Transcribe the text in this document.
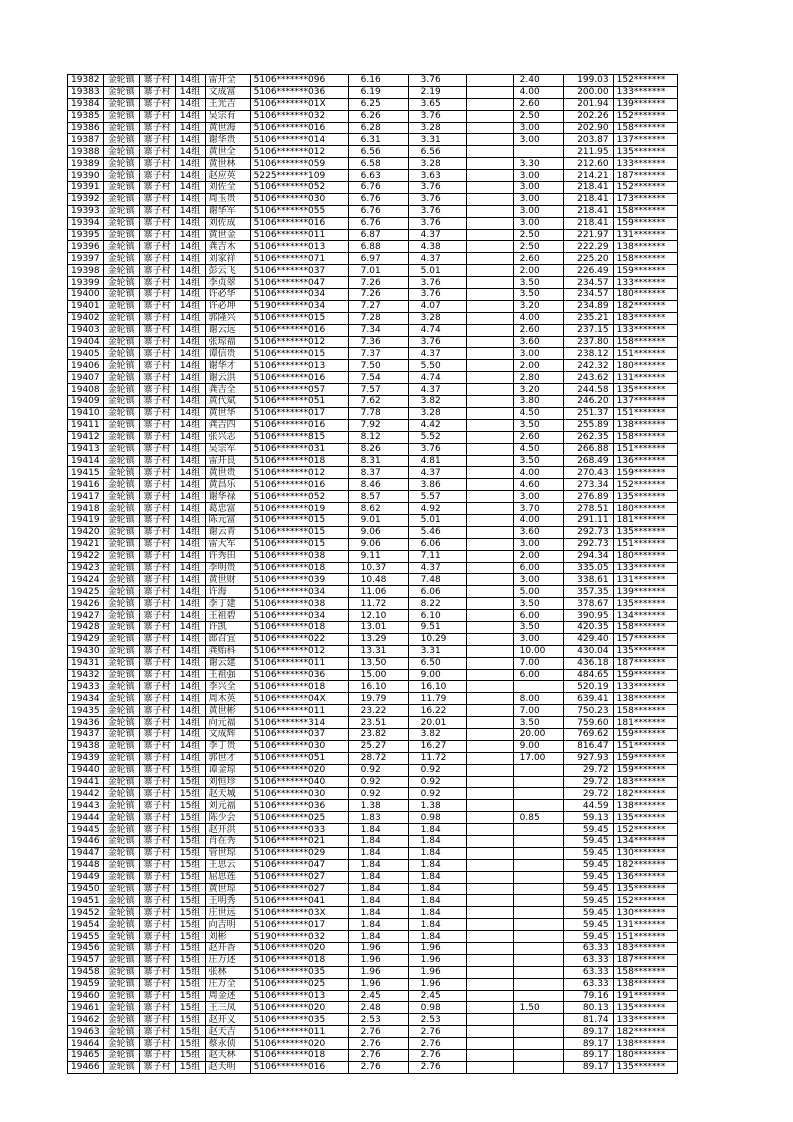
19382	金轮镇	寨子村	14组	雷开全	5106*******096	6.16	3.76		2.40	199.03	152*******
19383	金轮镇	寨子村	14组	文成富	5106*******036	6.19	2.19		4.00	200.00	133*******
19384	金轮镇	寨子村	14组	王光吉	5106*******01X	6.25	3.65		2.60	201.94	139*******
19385	金轮镇	寨子村	14组	吴宗有	5106*******032	6.26	3.76		2.50	202.26	152*******
19386	金轮镇	寨子村	14组	黄世海	5106*******016	6.28	3.28		3.00	202.90	158*******
19387	金轮镇	寨子村	14组	谢华贵	5106*******014	6.31	3.31		3.00	203.87	137*******
19388	金轮镇	寨子村	14组	黄世全	5106*******012	6.56	6.56			211.95	135*******
19389	金轮镇	寨子村	14组	黄世林	5106*******059	6.58	3.28		3.30	212.60	133*******
19390	金轮镇	寨子村	14组	赵应英	5225*******109	6.63	3.63		3.00	214.21	187*******
19391	金轮镇	寨子村	14组	刘佐全	5106*******052	6.76	3.76		3.00	218.41	152*******
19392	金轮镇	寨子村	14组	周玉贵	5106*******030	6.76	3.76		3.00	218.41	173*******
19393	金轮镇	寨子村	14组	谢华军	5106*******055	6.76	3.76		3.00	218.41	158*******
19394	金轮镇	寨子村	14组	刘佐成	5106*******016	6.76	3.76		3.00	218.41	159*******
19395	金轮镇	寨子村	14组	黄世金	5106*******011	6.87	4.37		2.50	221.97	131*******
19396	金轮镇	寨子村	14组	龚吉木	5106*******013	6.88	4.38		2.50	222.29	138*******
19397	金轮镇	寨子村	14组	刘家祥	5106*******071	6.97	4.37		2.60	225.20	158*******
19398	金轮镇	寨子村	14组	彭云飞	5106*******037	7.01	5.01		2.00	226.49	159*******
19399	金轮镇	寨子村	14组	李贞翠	5106*******047	7.26	3.76		3.50	234.57	133*******
19400	金轮镇	寨子村	14组	许必华	5106*******034	7.26	3.76		3.50	234.57	180*******
19401	金轮镇	寨子村	14组	许必坤	5190*******034	7.27	4.07		3.20	234.89	182*******
19402	金轮镇	寨子村	14组	郭隆兴	5106*******015	7.28	3.28		4.00	235.21	183*******
19403	金轮镇	寨子村	14组	谢云远	5106*******016	7.34	4.74		2.60	237.15	133*******
19404	金轮镇	寨子村	14组	张琼福	5106*******012	7.36	3.76		3.60	237.80	158*******
19405	金轮镇	寨子村	14组	谭信贵	5106*******015	7.37	4.37		3.00	238.12	151*******
19406	金轮镇	寨子村	14组	谢华才	5106*******013	7.50	5.50		2.00	242.32	180*******
19407	金轮镇	寨子村	14组	谢云洪	5106*******016	7.54	4.74		2.80	243.62	131*******
19408	金轮镇	寨子村	14组	龚吉全	5106*******057	7.57	4.37		3.20	244.58	135*******
19409	金轮镇	寨子村	14组	黄代斌	5106*******051	7.62	3.82		3.80	246.20	137*******
19410	金轮镇	寨子村	14组	黄世华	5106*******017	7.78	3.28		4.50	251.37	151*******
19411	金轮镇	寨子村	14组	龚吉四	5106*******016	7.92	4.42		3.50	255.89	138*******
19412	金轮镇	寨子村	14组	张兴志	5106*******815	8.12	5.52		2.60	262.35	158*******
19413	金轮镇	寨子村	14组	吴宗军	5106*******031	8.26	3.76		4.50	266.88	151*******
19414	金轮镇	寨子村	14组	雷开良	5106*******018	8.31	4.81		3.50	268.49	136*******
19415	金轮镇	寨子村	14组	黄世贵	5106*******012	8.37	4.37		4.00	270.43	159*******
19416	金轮镇	寨子村	14组	黄昌乐	5106*******016	8.46	3.86		4.60	273.34	152*******
19417	金轮镇	寨子村	14组	谢华禄	5106*******052	8.57	5.57		3.00	276.89	135*******
19418	金轮镇	寨子村	14组	葛忠富	5106*******019	8.62	4.92		3.70	278.51	180*******
19419	金轮镇	寨子村	14组	陈元富	5106*******015	9.01	5.01		4.00	291.11	181*******
19420	金轮镇	寨子村	14组	谢云青	5106*******015	9.06	5.46		3.60	292.73	135*******
19421	金轮镇	寨子村	14组	雷大军	5106*******015	9.06	6.06		3.00	292.73	151*******
19422	金轮镇	寨子村	14组	许秀田	5106*******038	9.11	7.11		2.00	294.34	180*******
19423	金轮镇	寨子村	14组	李明贵	5106*******018	10.37	4.37		6.00	335.05	133*******
19424	金轮镇	寨子村	14组	黄世财	5106*******039	10.48	7.48		3.00	338.61	131*******
19425	金轮镇	寨子村	14组	许海	5106*******034	11.06	6.06		5.00	357.35	139*******
19426	金轮镇	寨子村	14组	李丁建	5106*******038	11.72	8.22		3.50	378.67	135*******
19427	金轮镇	寨子村	14组	王祖碧	5106*******034	12.10	6.10		6.00	390.95	134*******
19428	金轮镇	寨子村	14组	许凯	5106*******018	13.01	9.51		3.50	420.35	158*******
19429	金轮镇	寨子村	14组	郎召宜	5106*******022	13.29	10.29		3.00	429.40	157*******
19430	金轮镇	寨子村	14组	龚贻科	5106*******012	13.31	3.31		10.00	430.04	135*******
19431	金轮镇	寨子村	14组	谢云建	5106*******011	13.50	6.50		7.00	436.18	187*******
19432	金轮镇	寨子村	14组	王祖强	5106*******036	15.00	9.00		6.00	484.65	159*******
19433	金轮镇	寨子村	14组	李兴全	5106*******018	16.10	16.10			520.19	133*******
19434	金轮镇	寨子村	14组	周木英	5106*******04X	19.79	11.79		8.00	639.41	138*******
19435	金轮镇	寨子村	14组	黄世彬	5106*******011	23.22	16.22		7.00	750.23	158*******
19436	金轮镇	寨子村	14组	向元福	5106*******314	23.51	20.01		3.50	759.60	181*******
19437	金轮镇	寨子村	14组	文成辉	5106*******037	23.82	3.82		20.00	769.62	159*******
19438	金轮镇	寨子村	14组	李丁贵	5106*******030	25.27	16.27		9.00	816.47	151*******
19439	金轮镇	寨子村	14组	郭世才	5106*******051	28.72	11.72		17.00	927.93	159*******
19440	金轮镇	寨子村	15组	谭金琼	5106*******020	0.92	0.92			29.72	159*******
19441	金轮镇	寨子村	15组	刘恒珍	5106*******040	0.92	0.92			29.72	183*******
19442	金轮镇	寨子村	15组	赵天城	5106*******030	0.92	0.92			29.72	182*******
19443	金轮镇	寨子村	15组	刘元福	5106*******036	1.38	1.38			44.59	138*******
19444	金轮镇	寨子村	15组	陈少会	5106*******025	1.83	0.98		0.85	59.13	135*******
19445	金轮镇	寨子村	15组	赵开洪	5106*******033	1.84	1.84			59.45	152*******
19446	金轮镇	寨子村	15组	肖在秀	5106*******021	1.84	1.84			59.45	134*******
19447	金轮镇	寨子村	15组	管世琼	5106*******029	1.84	1.84			59.45	130*******
19448	金轮镇	寨子村	15组	王思云	5106*******047	1.84	1.84			59.45	182*******
19449	金轮镇	寨子村	15组	屈思莲	5106*******027	1.84	1.84			59.45	136*******
19450	金轮镇	寨子村	15组	黄世琼	5106*******027	1.84	1.84			59.45	135*******
19451	金轮镇	寨子村	15组	王明秀	5106*******041	1.84	1.84			59.45	152*******
19452	金轮镇	寨子村	15组	庄世远	5106*******03X	1.84	1.84			59.45	130*******
19454	金轮镇	寨子村	15组	向吉明	5106*******017	1.84	1.84			59.45	131*******
19455	金轮镇	寨子村	15组	刘彬	5190*******032	1.84	1.84			59.45	151*******
19456	金轮镇	寨子村	15组	赵开香	5106*******020	1.96	1.96			63.33	183*******
19457	金轮镇	寨子村	15组	庄万述	5106*******018	1.96	1.96			63.33	187*******
19458	金轮镇	寨子村	15组	张林	5106*******035	1.96	1.96			63.33	158*******
19459	金轮镇	寨子村	15组	庄万全	5106*******025	1.96	1.96			63.33	138*******
19460	金轮镇	寨子村	15组	周金述	5106*******013	2.45	2.45			79.16	191*******
19461	金轮镇	寨子村	15组	王三凤	5106*******020	2.48	0.98		1.50	80.13	135*******
19462	金轮镇	寨子村	15组	赵开义	5106*******035	2.53	2.53			81.74	133*******
19463	金轮镇	寨子村	15组	赵天吉	5106*******011	2.76	2.76			89.17	182*******
19464	金轮镇	寨子村	15组	蔡永侦	5106*******020	2.76	2.76			89.17	138*******
19465	金轮镇	寨子村	15组	赵天林	5106*******018	2.76	2.76			89.17	180*******
19466	金轮镇	寨子村	15组	赵天明	5106*******016	2.76	2.76			89.17	135*******
